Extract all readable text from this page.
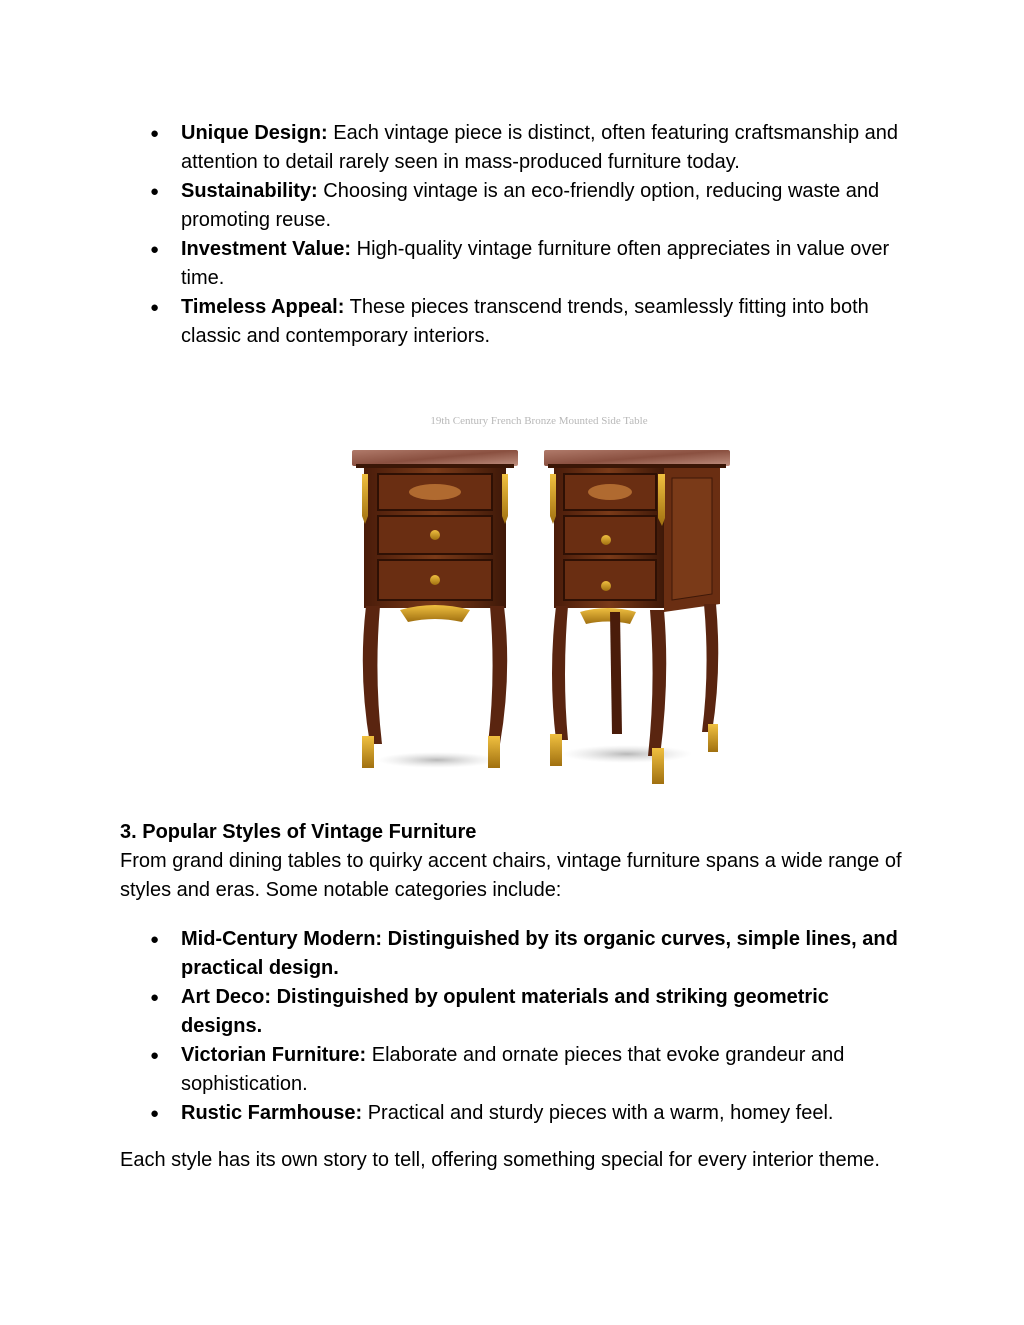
● Unique Design: Each vintage piece is distinct, often featuring craftsmanship and attention to detail rarely seen in mass-produced furniture today.
● Sustainability: Choosing vintage is an eco-friendly option, reducing waste and promoting reuse.
● Investment Value: High-quality vintage furniture often appreciates in value over time.
● Timeless Appeal: These pieces transcend trends, seamlessly fitting into both classic and contemporary interiors.
19th Century French Bronze Mounted Side Table
3. Popular Styles of Vintage Furniture

From grand dining tables to quirky accent chairs, vintage furniture spans a wide range of styles and eras. Some notable categories include:

● Mid-Century Modern: Distinguished by its organic curves, simple lines, and practical design.
● Art Deco: Distinguished by opulent materials and striking geometric designs.
● Victorian Furniture: Elaborate and ornate pieces that evoke grandeur and sophistication.
● Rustic Farmhouse: Practical and sturdy pieces with a warm, homey feel.

Each style has its own story to tell, offering something special for every interior theme.
